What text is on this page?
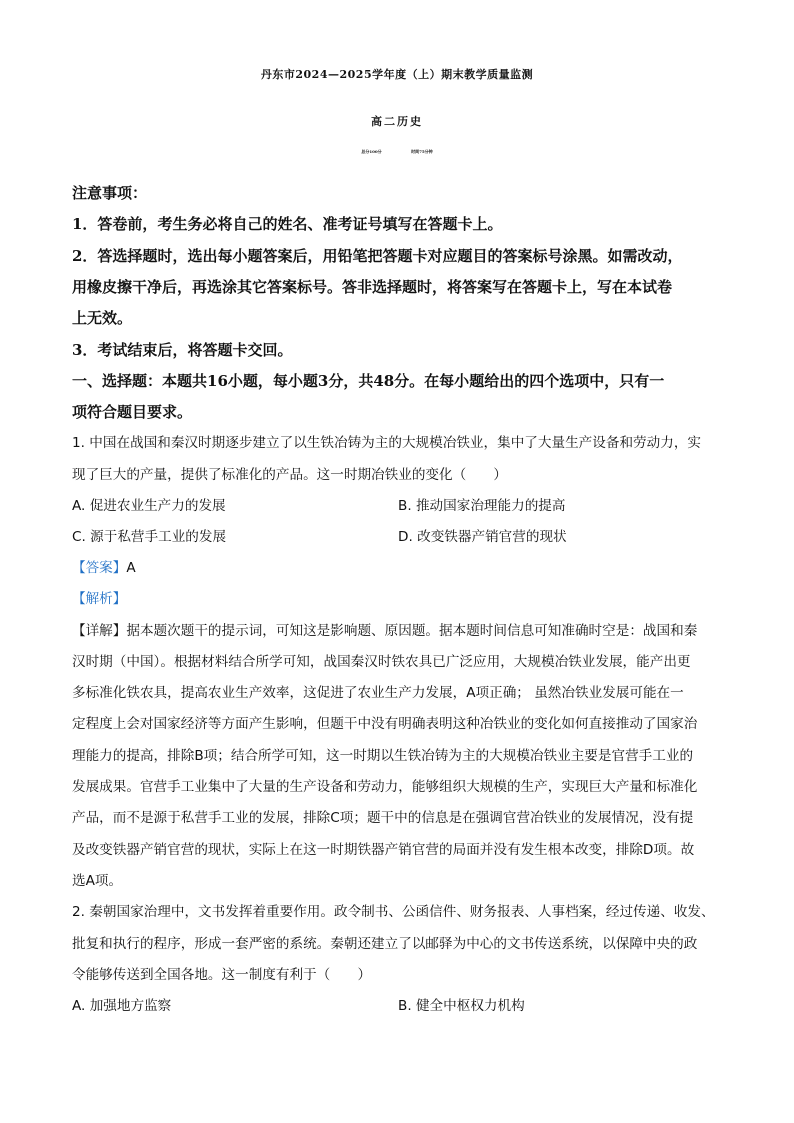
丹东市2024—2025学年度（上）期末教学质量监测
高二历史
总分100分	时间75分钟
注意事项：
1．答卷前，考生务必将自己的姓名、准考证号填写在答题卡上。
2．答选择题时，选出每小题答案后，用铅笔把答题卡对应题目的答案标号涂黑。如需改动，
用橡皮擦干净后，再选涂其它答案标号。答非选择题时，将答案写在答题卡上，写在本试卷
上无效。
3．考试结束后，将答题卡交回。
一、选择题：本题共16小题，每小题3分，共48分。在每小题给出的四个选项中，只有一
项符合题目要求。
1. 中国在战国和秦汉时期逐步建立了以生铁冶铸为主的大规模冶铁业，集中了大量生产设备和劳动力，实
现了巨大的产量，提供了标准化的产品。这一时期冶铁业的变化（　　）
A. 促进农业生产力的发展	B. 推动国家治理能力的提高
C. 源于私营手工业的发展	D. 改变铁器产销官营的现状
【答案】A
【解析】
【详解】据本题次题干的提示词，可知这是影响题、原因题。据本题时间信息可知准确时空是：战国和秦
汉时期（中国）。根据材料结合所学可知，战国秦汉时铁农具已广泛应用，大规模冶铁业发展，能产出更
多标准化铁农具，提高农业生产效率，这促进了农业生产力发展，A项正确； 虽然冶铁业发展可能在一
定程度上会对国家经济等方面产生影响，但题干中没有明确表明这种冶铁业的变化如何直接推动了国家治
理能力的提高，排除B项；结合所学可知，这一时期以生铁冶铸为主的大规模冶铁业主要是官营手工业的
发展成果。官营手工业集中了大量的生产设备和劳动力，能够组织大规模的生产，实现巨大产量和标准化
产品，而不是源于私营手工业的发展，排除C项；题干中的信息是在强调官营冶铁业的发展情况，没有提
及改变铁器产销官营的现状，实际上在这一时期铁器产销官营的局面并没有发生根本改变，排除D项。故
选A项。
2. 秦朝国家治理中，文书发挥着重要作用。政令制书、公函信件、财务报表、人事档案，经过传递、收发、
批复和执行的程序，形成一套严密的系统。秦朝还建立了以邮驿为中心的文书传送系统，以保障中央的政
令能够传送到全国各地。这一制度有利于（　　）
A. 加强地方监察	B. 健全中枢权力机构
